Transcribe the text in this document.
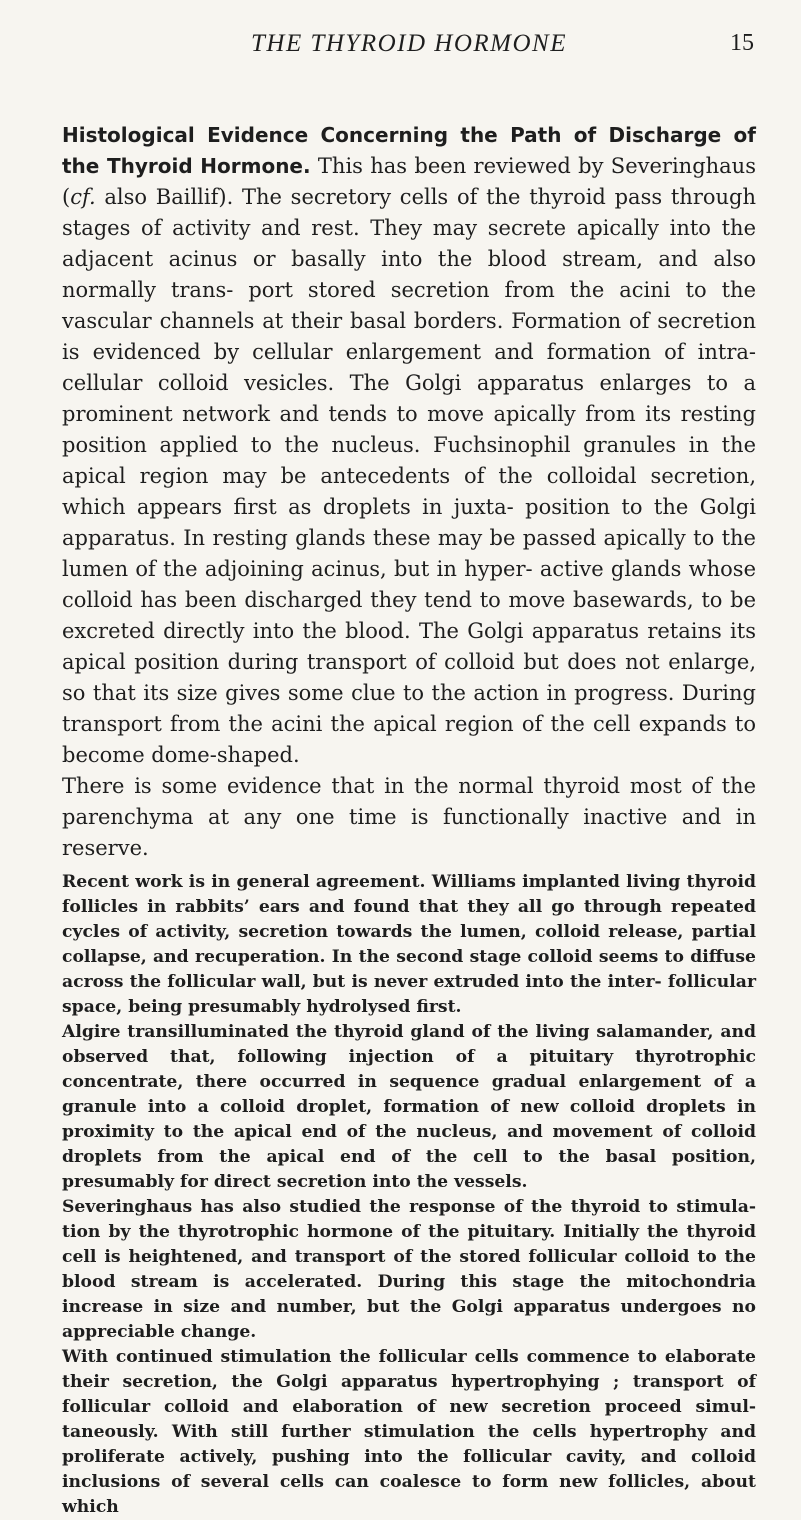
THE THYROID HORMONE	15

Histological Evidence Concerning the Path of Discharge of the Thyroid Hormone. This has been reviewed by Severinghaus (cf. also Baillif). The secretory cells of the thyroid pass through stages of activity and rest. They may secrete apically into the adjacent acinus or basally into the blood stream, and also normally trans- port stored secretion from the acini to the vascular channels at their basal borders. Formation of secretion is evidenced by cellular enlargement and formation of intra-cellular colloid vesicles. The Golgi apparatus enlarges to a prominent network and tends to move apically from its resting position applied to the nucleus. Fuchsinophil granules in the apical region may be antecedents of the colloidal secretion, which appears first as droplets in juxta- position to the Golgi apparatus. In resting glands these may be passed apically to the lumen of the adjoining acinus, but in hyper- active glands whose colloid has been discharged they tend to move basewards, to be excreted directly into the blood. The Golgi apparatus retains its apical position during transport of colloid but does not enlarge, so that its size gives some clue to the action in progress. During transport from the acini the apical region of the cell expands to become dome-shaped.

There is some evidence that in the normal thyroid most of the parenchyma at any one time is functionally inactive and in reserve.

Recent work is in general agreement. Williams implanted living thyroid follicles in rabbits’ ears and found that they all go through repeated cycles of activity, secretion towards the lumen, colloid release, partial collapse, and recuperation. In the second stage colloid seems to diffuse across the follicular wall, but is never extruded into the inter- follicular space, being presumably hydrolysed first.

Algire transilluminated the thyroid gland of the living salamander, and observed that, following injection of a pituitary thyrotrophic concentrate, there occurred in sequence gradual enlargement of a granule into a colloid droplet, formation of new colloid droplets in proximity to the apical end of the nucleus, and movement of colloid droplets from the apical end of the cell to the basal position, presumably for direct secretion into the vessels.

Severinghaus has also studied the response of the thyroid to stimula- tion by the thyrotrophic hormone of the pituitary. Initially the thyroid cell is heightened, and transport of the stored follicular colloid to the blood stream is accelerated. During this stage the mitochondria increase in size and number, but the Golgi apparatus undergoes no appreciable change.

With continued stimulation the follicular cells commence to elaborate their secretion, the Golgi apparatus hypertrophying ; transport of follicular colloid and elaboration of new secretion proceed simul- taneously. With still further stimulation the cells hypertrophy and proliferate actively, pushing into the follicular cavity, and colloid inclusions of several cells can coalesce to form new follicles, about which
